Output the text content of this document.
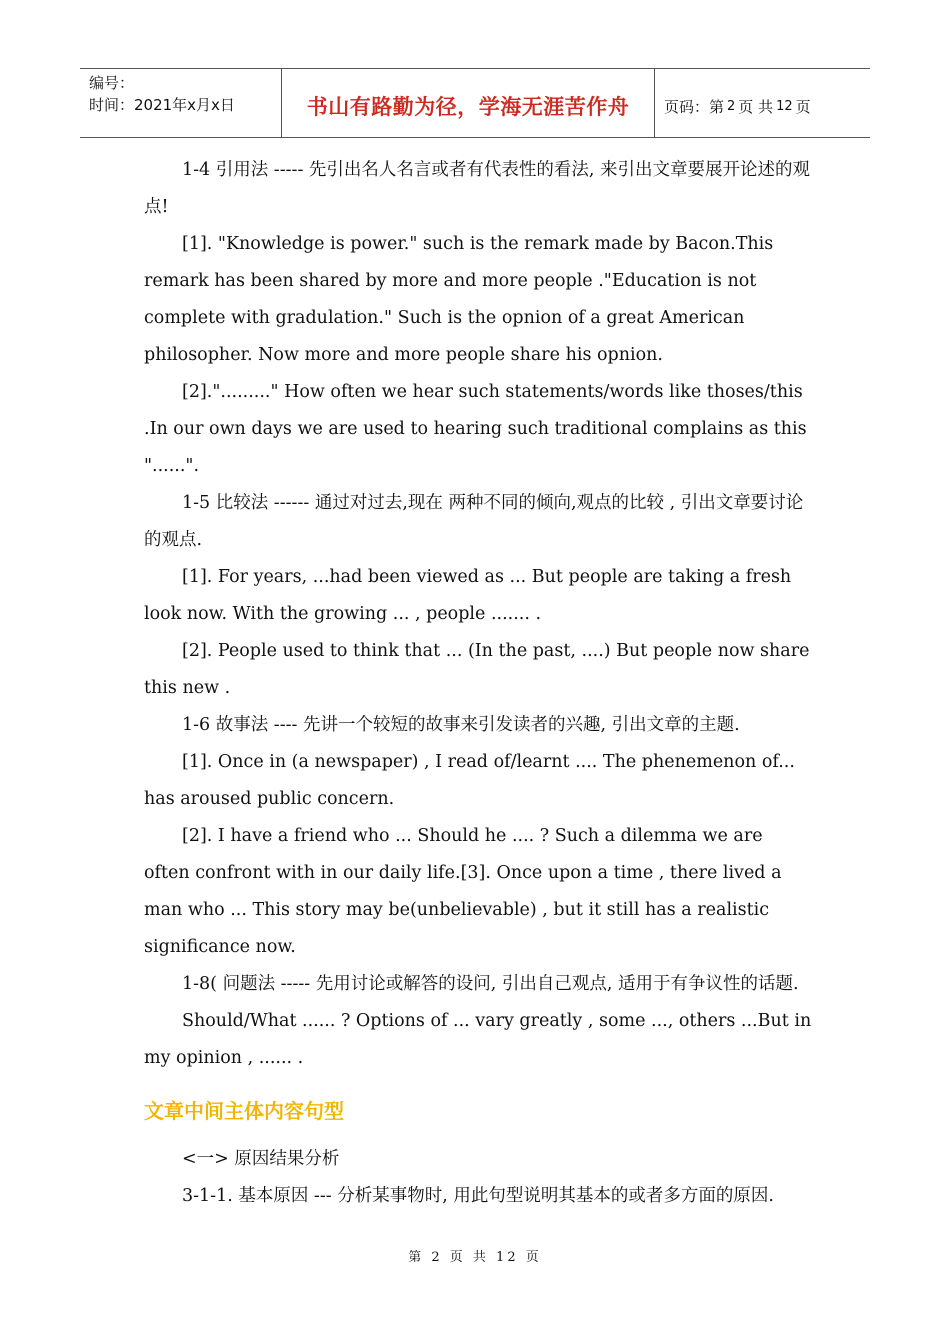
编号：
时间：2021年x月x日	书山有路勤为径，学海无涯苦作舟 页码：第 2 页 共 12 页

1-4 引用法 ----- 先引出名人名言或者有代表性的看法, 来引出文章要展开论述的观点!

[1]. "Knowledge is power." such is the remark made by Bacon.This remark has been shared by more and more people ."Education is not complete with gradulation." Such is the opnion of a great American philosopher. Now more and more people share his opnion.

[2]."........." How often we hear such statements/words like thoses/this .In our own days we are used to hearing such traditional complains as this "......".

1-5 比较法 ------ 通过对过去,现在 两种不同的倾向,观点的比较 , 引出文章要讨论的观点.

[1]. For years, ...had been viewed as ... But people are taking a fresh look now. With the growing ... , people ....... .

[2]. People used to think that ... (In the past, ....) But people now share this new .

1-6 故事法 ---- 先讲一个较短的故事来引发读者的兴趣, 引出文章的主题.

[1]. Once in (a newspaper) , I read of/learnt .... The phenemenon of... has aroused public concern.

[2]. I have a friend who ... Should he .... ? Such a dilemma we are often confront with in our daily life.[3]. Once upon a time , there lived a man who ... This story may be(unbelievable) , but it still has a realistic significance now.

1-8( 问题法 ----- 先用讨论或解答的设问, 引出自己观点, 适用于有争议性的话题.

Should/What ...... ? Options of ... vary greatly , some ..., others ...But in my opinion , ...... .

文章中间主体内容句型

<一> 原因结果分析

3-1-1. 基本原因 --- 分析某事物时, 用此句型说明其基本的或者多方面的原因.

第 2 页 共 12 页
